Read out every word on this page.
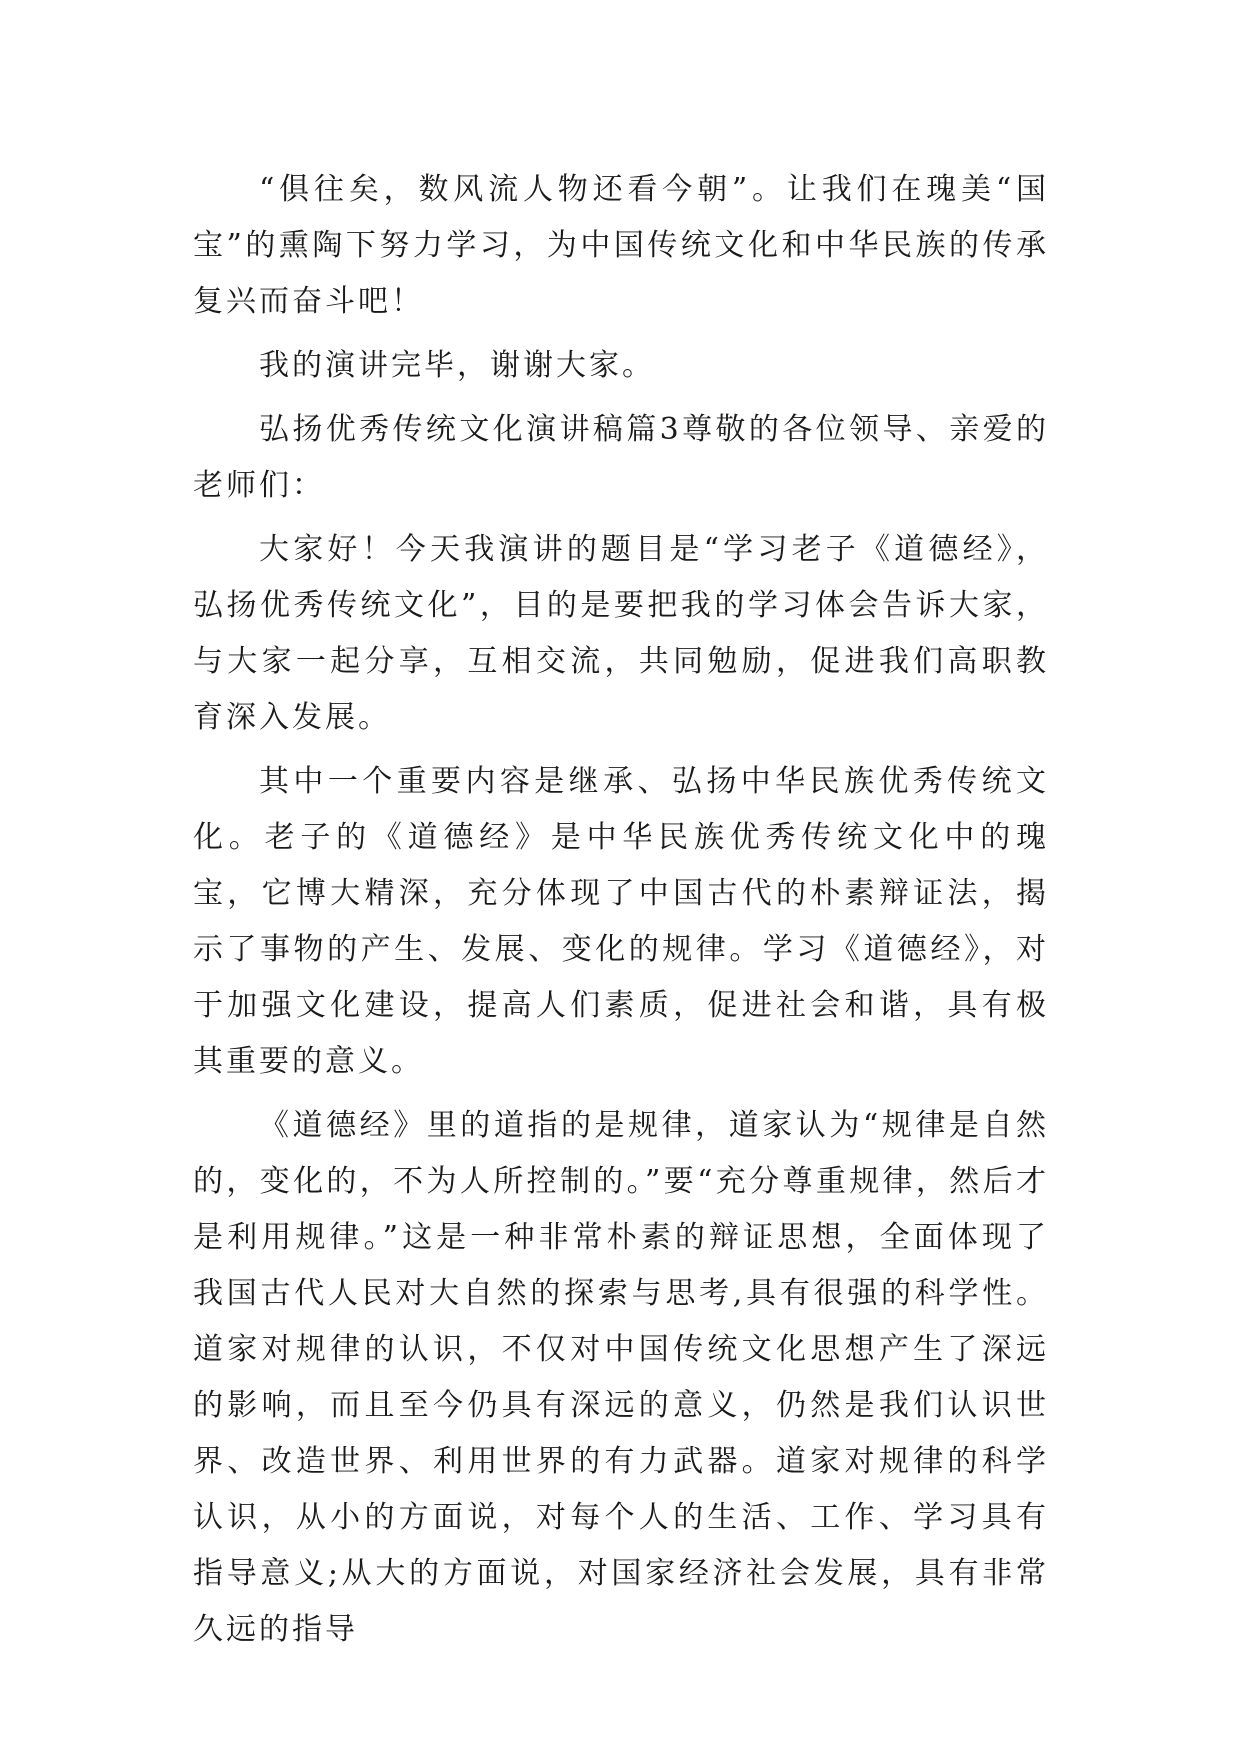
“俱往矣，数风流人物还看今朝”。让我们在瑰美“国宝”的熏陶下努力学习，为中国传统文化和中华民族的传承复兴而奋斗吧！

我的演讲完毕，谢谢大家。

弘扬优秀传统文化演讲稿篇3尊敬的各位领导、亲爱的老师们：

大家好！今天我演讲的题目是“学习老子《道德经》，弘扬优秀传统文化”，目的是要把我的学习体会告诉大家，与大家一起分享，互相交流，共同勉励，促进我们高职教育深入发展。

其中一个重要内容是继承、弘扬中华民族优秀传统文化。老子的《道德经》是中华民族优秀传统文化中的瑰宝，它博大精深，充分体现了中国古代的朴素辩证法，揭示了事物的产生、发展、变化的规律。学习《道德经》，对于加强文化建设，提高人们素质，促进社会和谐，具有极其重要的意义。

《道德经》里的道指的是规律，道家认为“规律是自然的，变化的，不为人所控制的。”要“充分尊重规律，然后才是利用规律。”这是一种非常朴素的辩证思想，全面体现了我国古代人民对大自然的探索与思考,具有很强的科学性。道家对规律的认识，不仅对中国传统文化思想产生了深远的影响，而且至今仍具有深远的意义，仍然是我们认识世界、改造世界、利用世界的有力武器。道家对规律的科学认识，从小的方面说，对每个人的生活、工作、学习具有指导意义;从大的方面说，对国家经济社会发展，具有非常久远的指导
